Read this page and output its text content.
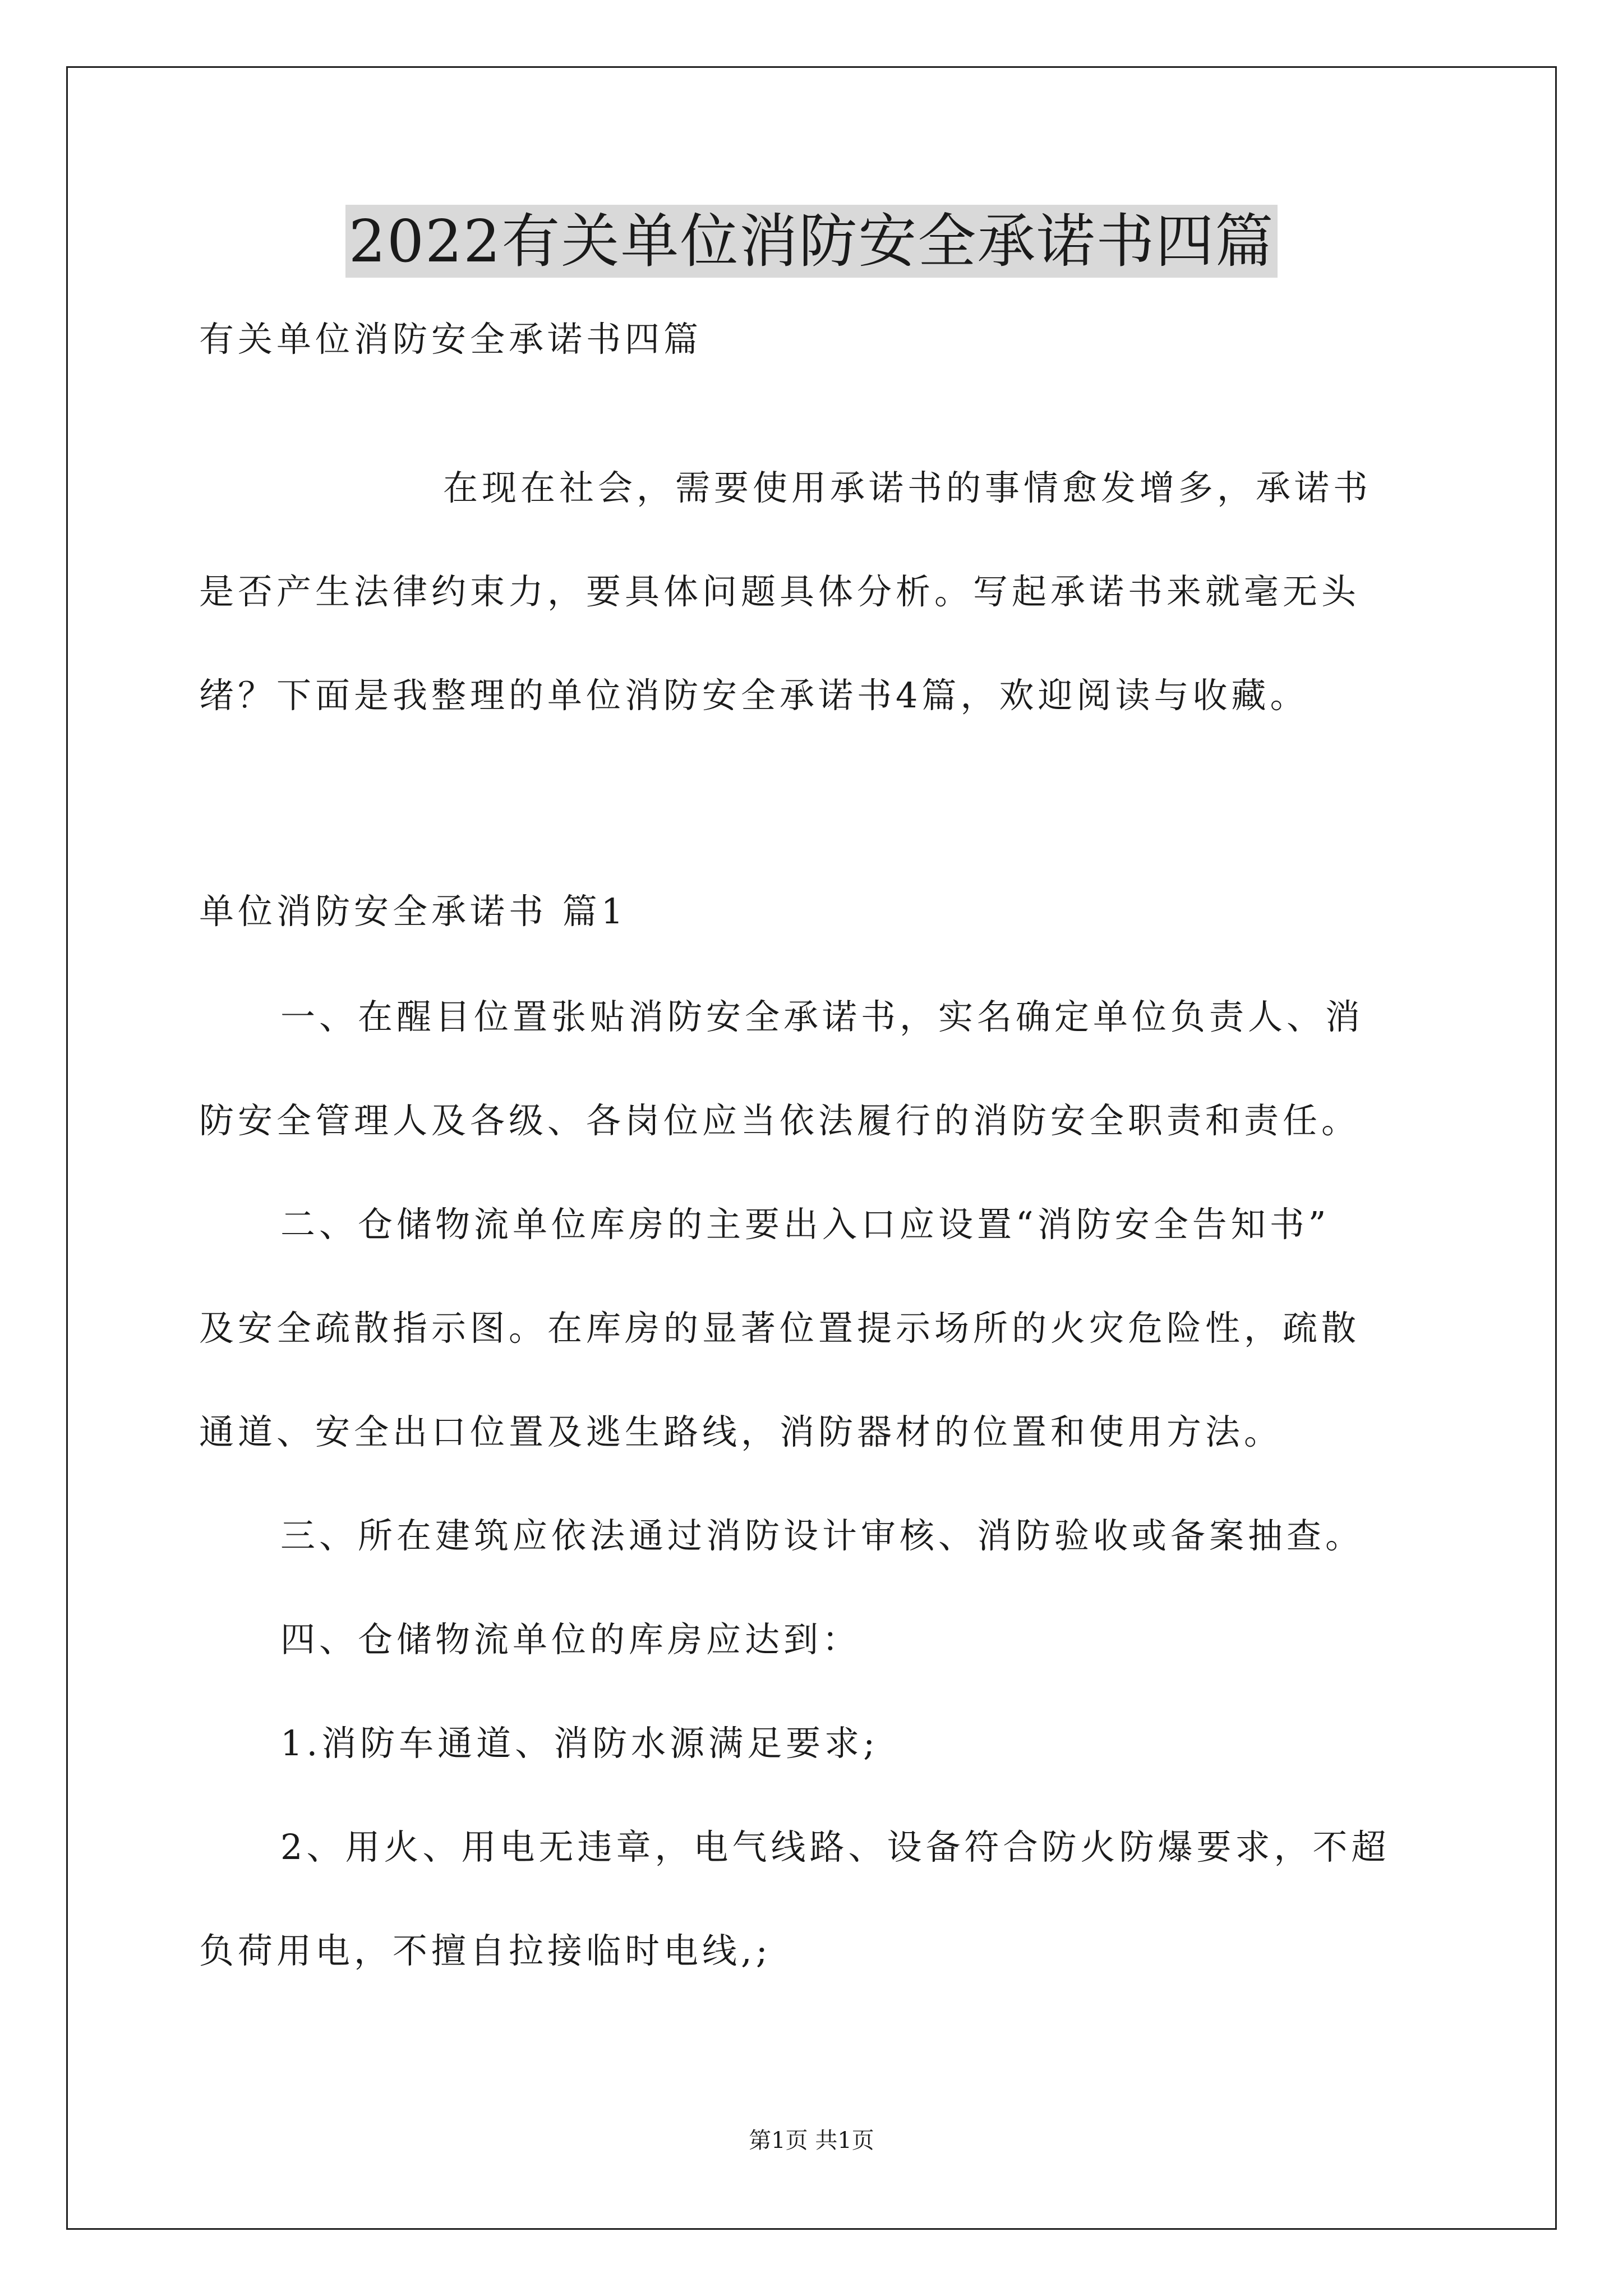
2022有关单位消防安全承诺书四篇
有关单位消防安全承诺书四篇
在现在社会，需要使用承诺书的事情愈发增多，承诺书
是否产生法律约束力，要具体问题具体分析。写起承诺书来就毫无头
绪？下面是我整理的单位消防安全承诺书4篇，欢迎阅读与收藏。
单位消防安全承诺书 篇1
一、在醒目位置张贴消防安全承诺书，实名确定单位负责人、消
防安全管理人及各级、各岗位应当依法履行的消防安全职责和责任。
二、仓储物流单位库房的主要出入口应设置“消防安全告知书”
及安全疏散指示图。在库房的显著位置提示场所的火灾危险性，疏散
通道、安全出口位置及逃生路线，消防器材的位置和使用方法。
三、所在建筑应依法通过消防设计审核、消防验收或备案抽查。
四、仓储物流单位的库房应达到：
1.消防车通道、消防水源满足要求;
2、用火、用电无违章，电气线路、设备符合防火防爆要求，不超
负荷用电，不擅自拉接临时电线,;
第1页 共1页
